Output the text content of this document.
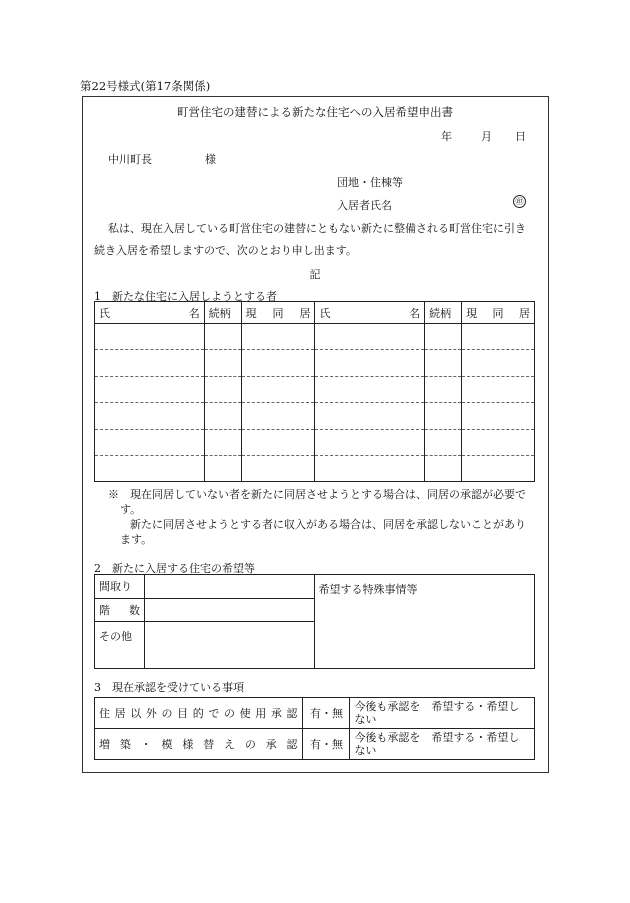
第22号様式(第17条関係)
町営住宅の建替による新たな住宅への入居希望申出書
年	月 日
中川町長	様
団地・住棟等
入居者氏名	㊞
私は、現在入居している町営住宅の建替にともない新たに整備される町営住宅に引き
続き入居を希望しますので、次のとおり申し出ます。
記
1　新たな住宅に入居しようとする者
氏 名	続柄	現 同 居	氏 名	続柄	現 同 居

※　現在同居していない者を新たに同居させようとする場合は、同居の承認が必要で
す。
新たに同居させようとする者に収入がある場合は、同居を承認しないことがあり
ます。
2　新たに入居する住宅の希望等
間取り		希望する特殊事情等

階 数		

その他		
3　現在承認を受けている事項
住居以外の目的での使用承認	有・無	今後も承認を　希望する・希望しない
増築・模様替えの承認	有・無	今後も承認を　希望する・希望しない
